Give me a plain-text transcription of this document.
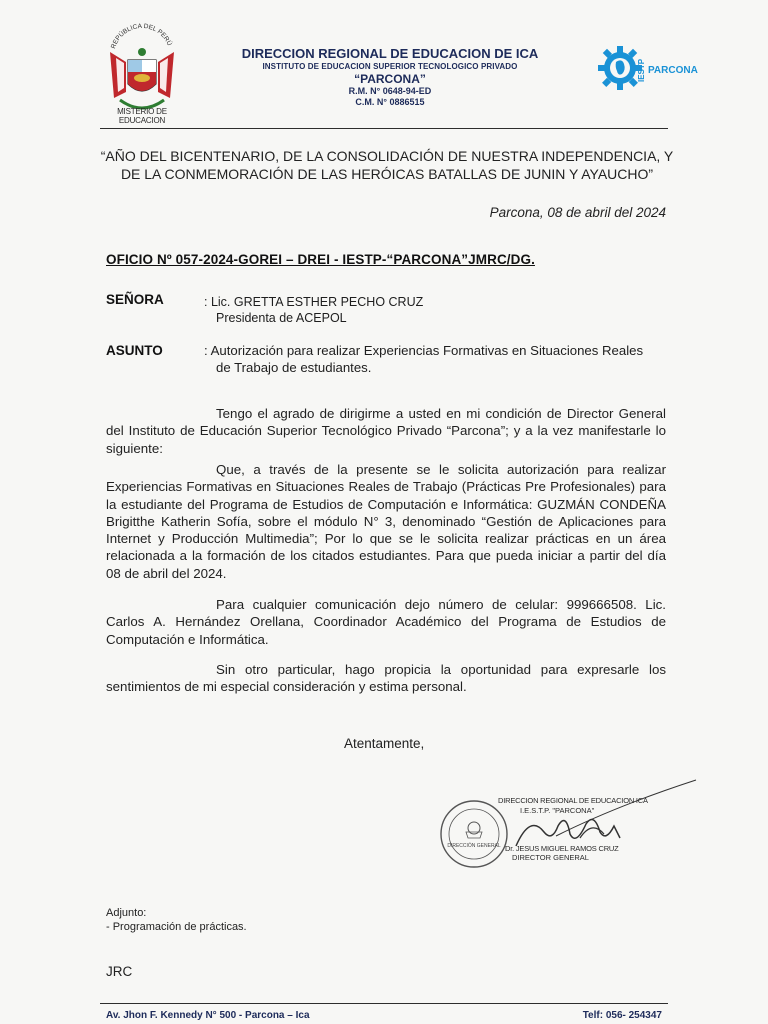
REPÚBLICA DEL PERÚ
MISTERIO DE EDUCACION
DIRECCION REGIONAL DE EDUCACION DE ICA
INSTITUTO DE EDUCACION SUPERIOR TECNOLOGICO PRIVADO
“PARCONA”
R.M. N° 0648-94-ED
C.M. N° 0886515
IESTP PARCONA
“AÑO DEL BICENTENARIO, DE LA CONSOLIDACIÓN DE NUESTRA INDEPENDENCIA, Y DE LA CONMEMORACIÓN DE LAS HERÓICAS BATALLAS DE JUNIN Y AYAUCHO”
Parcona, 08 de abril del 2024
OFICIO Nº 057-2024-GOREI – DREI - IESTP-“PARCONA”JMRC/DG.
SEÑORA	: Lic. GRETTA ESTHER PECHO CRUZ
Presidenta de ACEPOL
ASUNTO	: Autorización para realizar Experiencias Formativas en Situaciones Reales
de Trabajo de estudiantes.
Tengo el agrado de dirigirme a usted en mi condición de Director General del Instituto de Educación Superior Tecnológico Privado “Parcona”; y a la vez manifestarle lo siguiente:
Que, a través de la presente se le solicita autorización para realizar Experiencias Formativas en Situaciones Reales de Trabajo (Prácticas Pre Profesionales) para la estudiante del Programa de Estudios de Computación e Informática: GUZMÁN CONDEÑA Brigitthe Katherin Sofía, sobre el módulo N° 3, denominado “Gestión de Aplicaciones para Internet y Producción Multimedia”; Por lo que se le solicita realizar prácticas en un área relacionada a la formación de los citados estudiantes. Para que pueda iniciar a partir del día 08 de abril del 2024.
Para cualquier comunicación dejo número de celular: 999666508. Lic. Carlos A. Hernández Orellana, Coordinador Académico del Programa de Estudios de Computación e Informática.
Sin otro particular, hago propicia la oportunidad para expresarle los sentimientos de mi especial consideración y estima personal.
Atentamente,
DIRECCIÓN GENERAL
DIRECCION REGIONAL DE EDUCACION ICA
I.E.S.T.P. "PARCONA"
Dr. JESUS MIGUEL RAMOS CRUZ
DIRECTOR GENERAL
Adjunto:
- Programación de prácticas.
JRC
Av. Jhon F. Kennedy N° 500 - Parcona – Ica	Telf: 056- 254347
